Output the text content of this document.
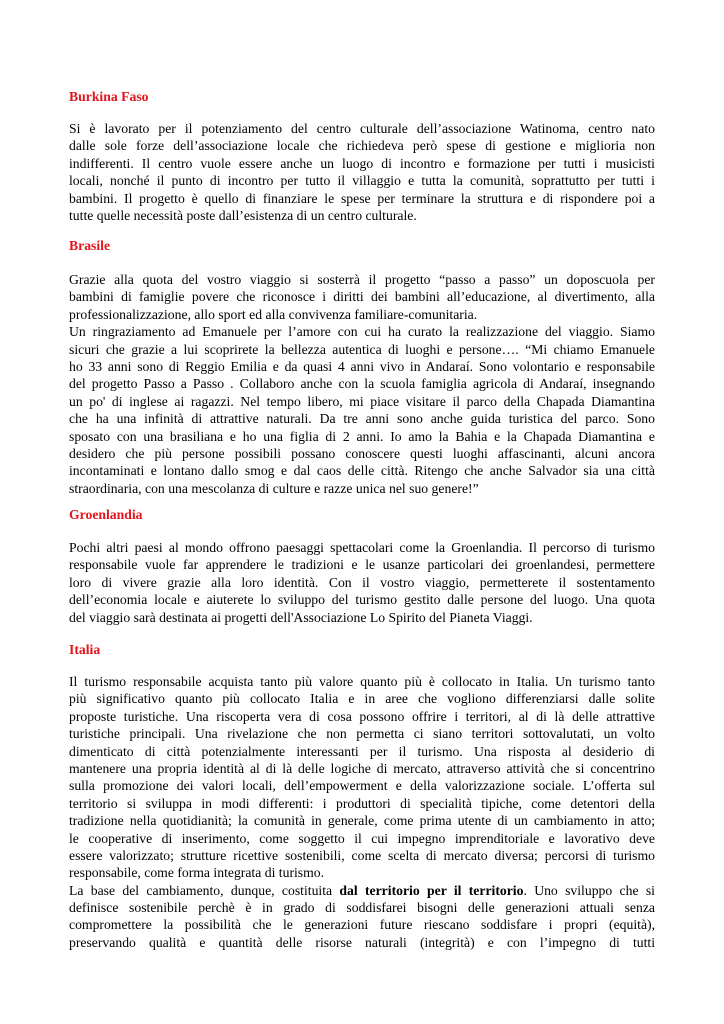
Burkina Faso
Si è lavorato per il potenziamento del centro culturale dell’associazione Watinoma, centro nato
dalle sole forze dell’associazione locale che richiedeva però spese di gestione e miglioria non
indifferenti. Il centro vuole essere anche un luogo di incontro e formazione per tutti i musicisti
locali, nonché il punto di incontro per tutto il villaggio e tutta la comunità, soprattutto per tutti i
bambini. Il progetto è quello di finanziare le spese per terminare la struttura e di rispondere poi a
tutte quelle necessità poste dall’esistenza di un centro culturale.
Brasile
Grazie alla quota del vostro viaggio si sosterrà il progetto “passo a passo” un doposcuola per
bambini di famiglie povere che riconosce i diritti dei bambini all’educazione, al divertimento, alla
professionalizzazione, allo sport ed alla convivenza familiare-comunitaria.
Un ringraziamento ad Emanuele per l’amore con cui ha curato la realizzazione del viaggio. Siamo
sicuri che grazie a lui scoprirete la bellezza autentica di luoghi e persone…. “Mi chiamo Emanuele
ho 33 anni sono di Reggio Emilia e da quasi 4 anni vivo in Andaraí. Sono volontario e responsabile
del progetto Passo a Passo . Collaboro anche con la scuola famiglia agricola di Andaraí, insegnando
un po' di inglese ai ragazzi. Nel tempo libero, mi piace visitare il parco della Chapada Diamantina
che ha una infinità di attrattive naturali. Da tre anni sono anche guida turistica del parco. Sono
sposato con una brasiliana e ho una figlia di 2 anni. Io amo la Bahia e la Chapada Diamantina e
desidero che più persone possibili possano conoscere questi luoghi affascinanti, alcuni ancora
incontaminati e lontano dallo smog e dal caos delle città. Ritengo che anche Salvador sia una città
straordinaria, con una mescolanza di culture e razze unica nel suo genere!”
Groenlandia
Pochi altri paesi al mondo offrono paesaggi spettacolari come la Groenlandia. Il percorso di turismo
responsabile vuole far apprendere le tradizioni e le usanze particolari dei groenlandesi, permettere
loro di vivere grazie alla loro identità. Con il vostro viaggio, permetterete il sostentamento
dell’economia locale e aiuterete lo sviluppo del turismo gestito dalle persone del luogo. Una quota
del viaggio sarà destinata ai progetti dell'Associazione Lo Spirito del Pianeta Viaggi.
Italia
Il turismo responsabile acquista tanto più valore quanto più è collocato in Italia. Un turismo tanto
più significativo quanto più collocato Italia e in aree che vogliono differenziarsi dalle solite
proposte turistiche. Una riscoperta vera di cosa possono offrire i territori, al di là delle attrattive
turistiche principali. Una rivelazione che non permetta ci siano territori sottovalutati, un volto
dimenticato di città potenzialmente interessanti per il turismo. Una risposta al desiderio di
mantenere una propria identità al di là delle logiche di mercato, attraverso attività che si concentrino
sulla promozione dei valori locali, dell’empowerment e della valorizzazione sociale. L’offerta sul
territorio si sviluppa in modi differenti: i produttori di specialità tipiche, come detentori della
tradizione nella quotidianità; la comunità in generale, come prima utente di un cambiamento in atto;
le cooperative di inserimento, come soggetto il cui impegno imprenditoriale e lavorativo deve
essere valorizzato; strutture ricettive sostenibili, come scelta di mercato diversa; percorsi di turismo
responsabile, come forma integrata di turismo.
La base del cambiamento, dunque, costituita dal territorio per il territorio. Uno sviluppo che si
definisce sostenibile perchè è in grado di soddisfarei bisogni delle generazioni attuali senza
compromettere la possibilità che le generazioni future riescano soddisfare i propri (equità),
preservando qualità e quantità delle risorse naturali (integrità) e con l’impegno di tutti
